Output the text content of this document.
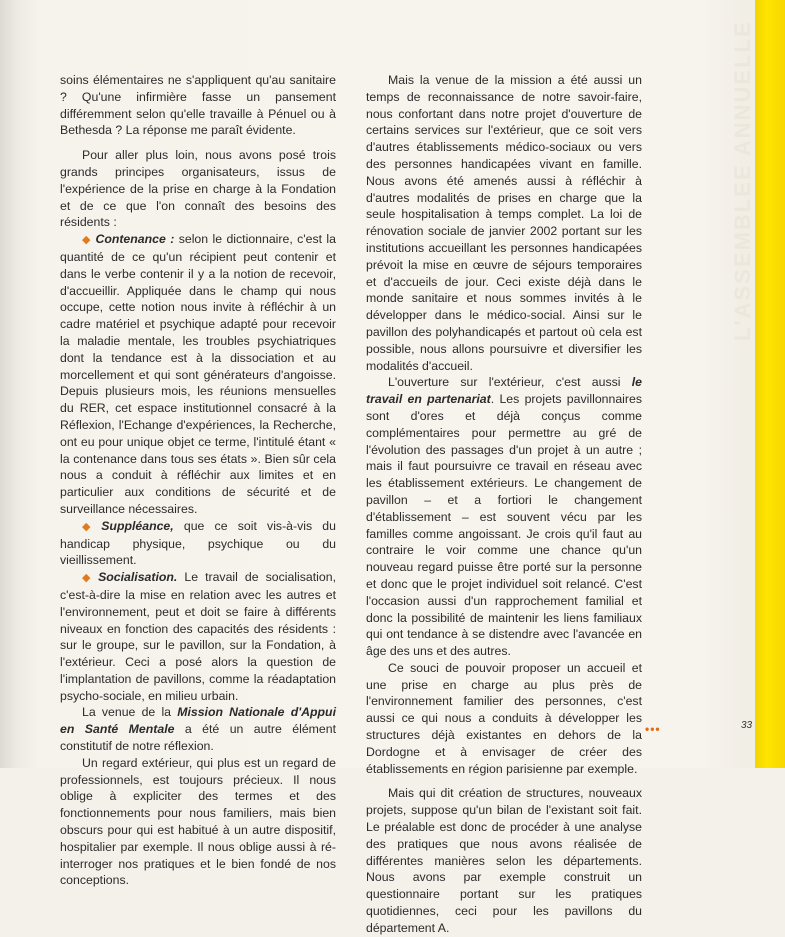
L'ASSEMBLEE ANNUELLE

soins élémentaires ne s'appliquent qu'au sanitaire ? Qu'une infirmière fasse un pansement différemment selon qu'elle travaille à Pénuel ou à Bethesda ? La réponse me paraît évidente.

Pour aller plus loin, nous avons posé trois grands principes organisateurs, issus de l'expérience de la prise en charge à la Fondation et de ce que l'on connaît des besoins des résidents :

◆ Contenance : selon le dictionnaire, c'est la quantité de ce qu'un récipient peut contenir et dans le verbe contenir il y a la notion de recevoir, d'accueillir. Appliquée dans le champ qui nous occupe, cette notion nous invite à réfléchir à un cadre matériel et psychique adapté pour recevoir la maladie mentale, les troubles psychiatriques dont la tendance est à la dissociation et au morcellement et qui sont générateurs d'angoisse. Depuis plusieurs mois, les réunions mensuelles du RER, cet espace institutionnel consacré à la Réflexion, l'Echange d'expériences, la Recherche, ont eu pour unique objet ce terme, l'intitulé étant « la contenance dans tous ses états ». Bien sûr cela nous a conduit à réfléchir aux limites et en particulier aux conditions de sécurité et de surveillance nécessaires.

◆ Suppléance, que ce soit vis-à-vis du handicap physique, psychique ou du vieillissement.

◆ Socialisation. Le travail de socialisation, c'est-à-dire la mise en relation avec les autres et l'environnement, peut et doit se faire à différents niveaux en fonction des capacités des résidents : sur le groupe, sur le pavillon, sur la Fondation, à l'extérieur. Ceci a posé alors la question de l'implantation de pavillons, comme la réadaptation psycho-sociale, en milieu urbain.

La venue de la Mission Nationale d'Appui en Santé Mentale a été un autre élément constitutif de notre réflexion.

Un regard extérieur, qui plus est un regard de professionnels, est toujours précieux. Il nous oblige à expliciter des termes et des fonctionnements pour nous familiers, mais bien obscurs pour qui est habitué à un autre dispositif, hospitalier par exemple. Il nous oblige aussi à ré-interroger nos pratiques et le bien fondé de nos conceptions.

Mais la venue de la mission a été aussi un temps de reconnaissance de notre savoir-faire, nous confortant dans notre projet d'ouverture de certains services sur l'extérieur, que ce soit vers d'autres établissements médico-sociaux ou vers des personnes handicapées vivant en famille. Nous avons été amenés aussi à réfléchir à d'autres modalités de prises en charge que la seule hospitalisation à temps complet. La loi de rénovation sociale de janvier 2002 portant sur les institutions accueillant les personnes handicapées prévoit la mise en œuvre de séjours temporaires et d'accueils de jour. Ceci existe déjà dans le monde sanitaire et nous sommes invités à le développer dans le médico-social. Ainsi sur le pavillon des polyhandicapés et partout où cela est possible, nous allons poursuivre et diversifier les modalités d'accueil.

L'ouverture sur l'extérieur, c'est aussi le travail en partenariat. Les projets pavillonnaires sont d'ores et déjà conçus comme complémentaires pour permettre au gré de l'évolution des passages d'un projet à un autre ; mais il faut poursuivre ce travail en réseau avec les établissement extérieurs. Le changement de pavillon – et a fortiori le changement d'établissement – est souvent vécu par les familles comme angoissant. Je crois qu'il faut au contraire le voir comme une chance qu'un nouveau regard puisse être porté sur la personne et donc que le projet individuel soit relancé. C'est l'occasion aussi d'un rapprochement familial et donc la possibilité de maintenir les liens familiaux qui ont tendance à se distendre avec l'avancée en âge des uns et des autres.

Ce souci de pouvoir proposer un accueil et une prise en charge au plus près de l'environnement familier des personnes, c'est aussi ce qui nous a conduits à développer les structures déjà existantes en dehors de la Dordogne et à envisager de créer des établissements en région parisienne par exemple.

Mais qui dit création de structures, nouveaux projets, suppose qu'un bilan de l'existant soit fait. Le préalable est donc de procéder à une analyse des pratiques que nous avons réalisée de différentes manières selon les départements. Nous avons par exemple construit un questionnaire portant sur les pratiques quotidiennes, ceci pour les pavillons du département A.

•••	33
